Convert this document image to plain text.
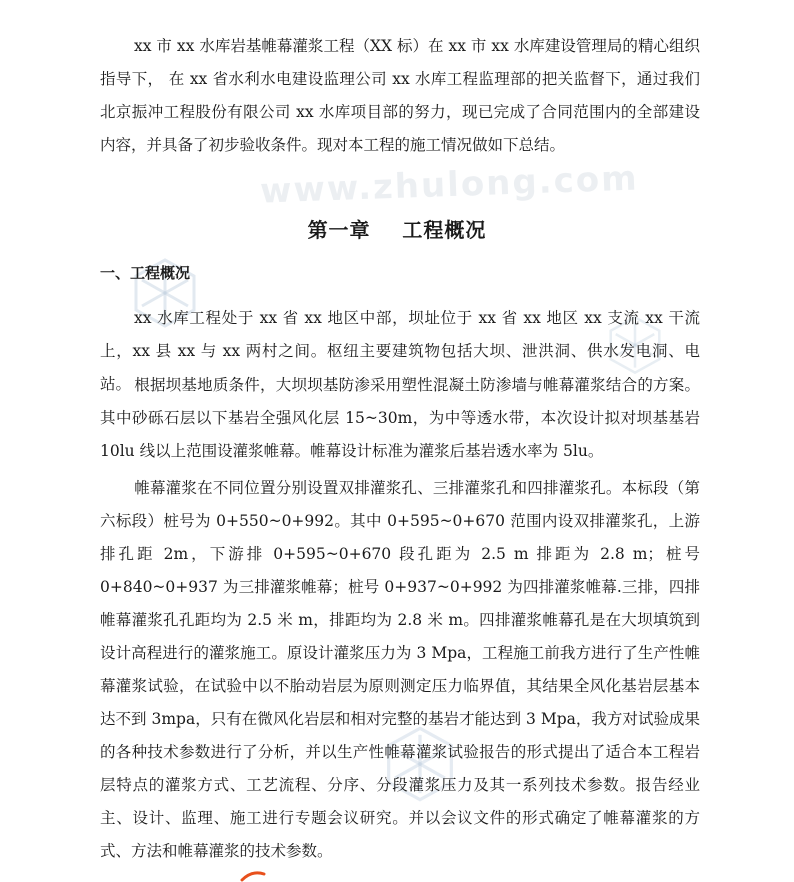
www.zhulong.com

xx 市 xx 水库岩基帷幕灌浆工程（XX 标）在 xx 市 xx 水库建设管理局的精心组织指导下， 在 xx 省水利水电建设监理公司 xx 水库工程监理部的把关监督下，通过我们北京振冲工程股份有限公司 xx 水库项目部的努力，现已完成了合同范围内的全部建设内容，并具备了初步验收条件。现对本工程的施工情况做如下总结。

第一章    工程概况
一、工程概况

xx 水库工程处于 xx 省 xx 地区中部，坝址位于 xx 省 xx 地区 xx 支流 xx 干流上，xx 县 xx 与 xx 两村之间。枢纽主要建筑物包括大坝、泄洪洞、供水发电洞、电站。 根据坝基地质条件，大坝坝基防渗采用塑性混凝土防渗墙与帷幕灌浆结合的方案。其中砂砾石层以下基岩全强风化层 15~30m，为中等透水带，本次设计拟对坝基基岩 10lu 线以上范围设灌浆帷幕。帷幕设计标准为灌浆后基岩透水率为 5lu。

帷幕灌浆在不同位置分别设置双排灌浆孔、三排灌浆孔和四排灌浆孔。本标段（第六标段）桩号为 0+550~0+992。其中 0+595~0+670 范围内设双排灌浆孔，上游排孔距 2m，下游排 0+595~0+670 段孔距为 2.5 m 排距为 2.8 m；桩号 0+840~0+937 为三排灌浆帷幕；桩号 0+937~0+992 为四排灌浆帷幕.三排，四排帷幕灌浆孔孔距均为 2.5 米 m，排距均为 2.8 米 m。四排灌浆帷幕孔是在大坝填筑到设计高程进行的灌浆施工。原设计灌浆压力为 3 Mpa，工程施工前我方进行了生产性帷幕灌浆试验，在试验中以不胎动岩层为原则测定压力临界值，其结果全风化基岩层基本达不到 3mpa，只有在微风化岩层和相对完整的基岩才能达到 3 Mpa，我方对试验成果的各种技术参数进行了分析，并以生产性帷幕灌浆试验报告的形式提出了适合本工程岩层特点的灌浆方式、工艺流程、分序、分段灌浆压力及其一系列技术参数。报告经业主、设计、监理、施工进行专题会议研究。并以会议文件的形式确定了帷幕灌浆的方式、方法和帷幕灌浆的技术参数。
